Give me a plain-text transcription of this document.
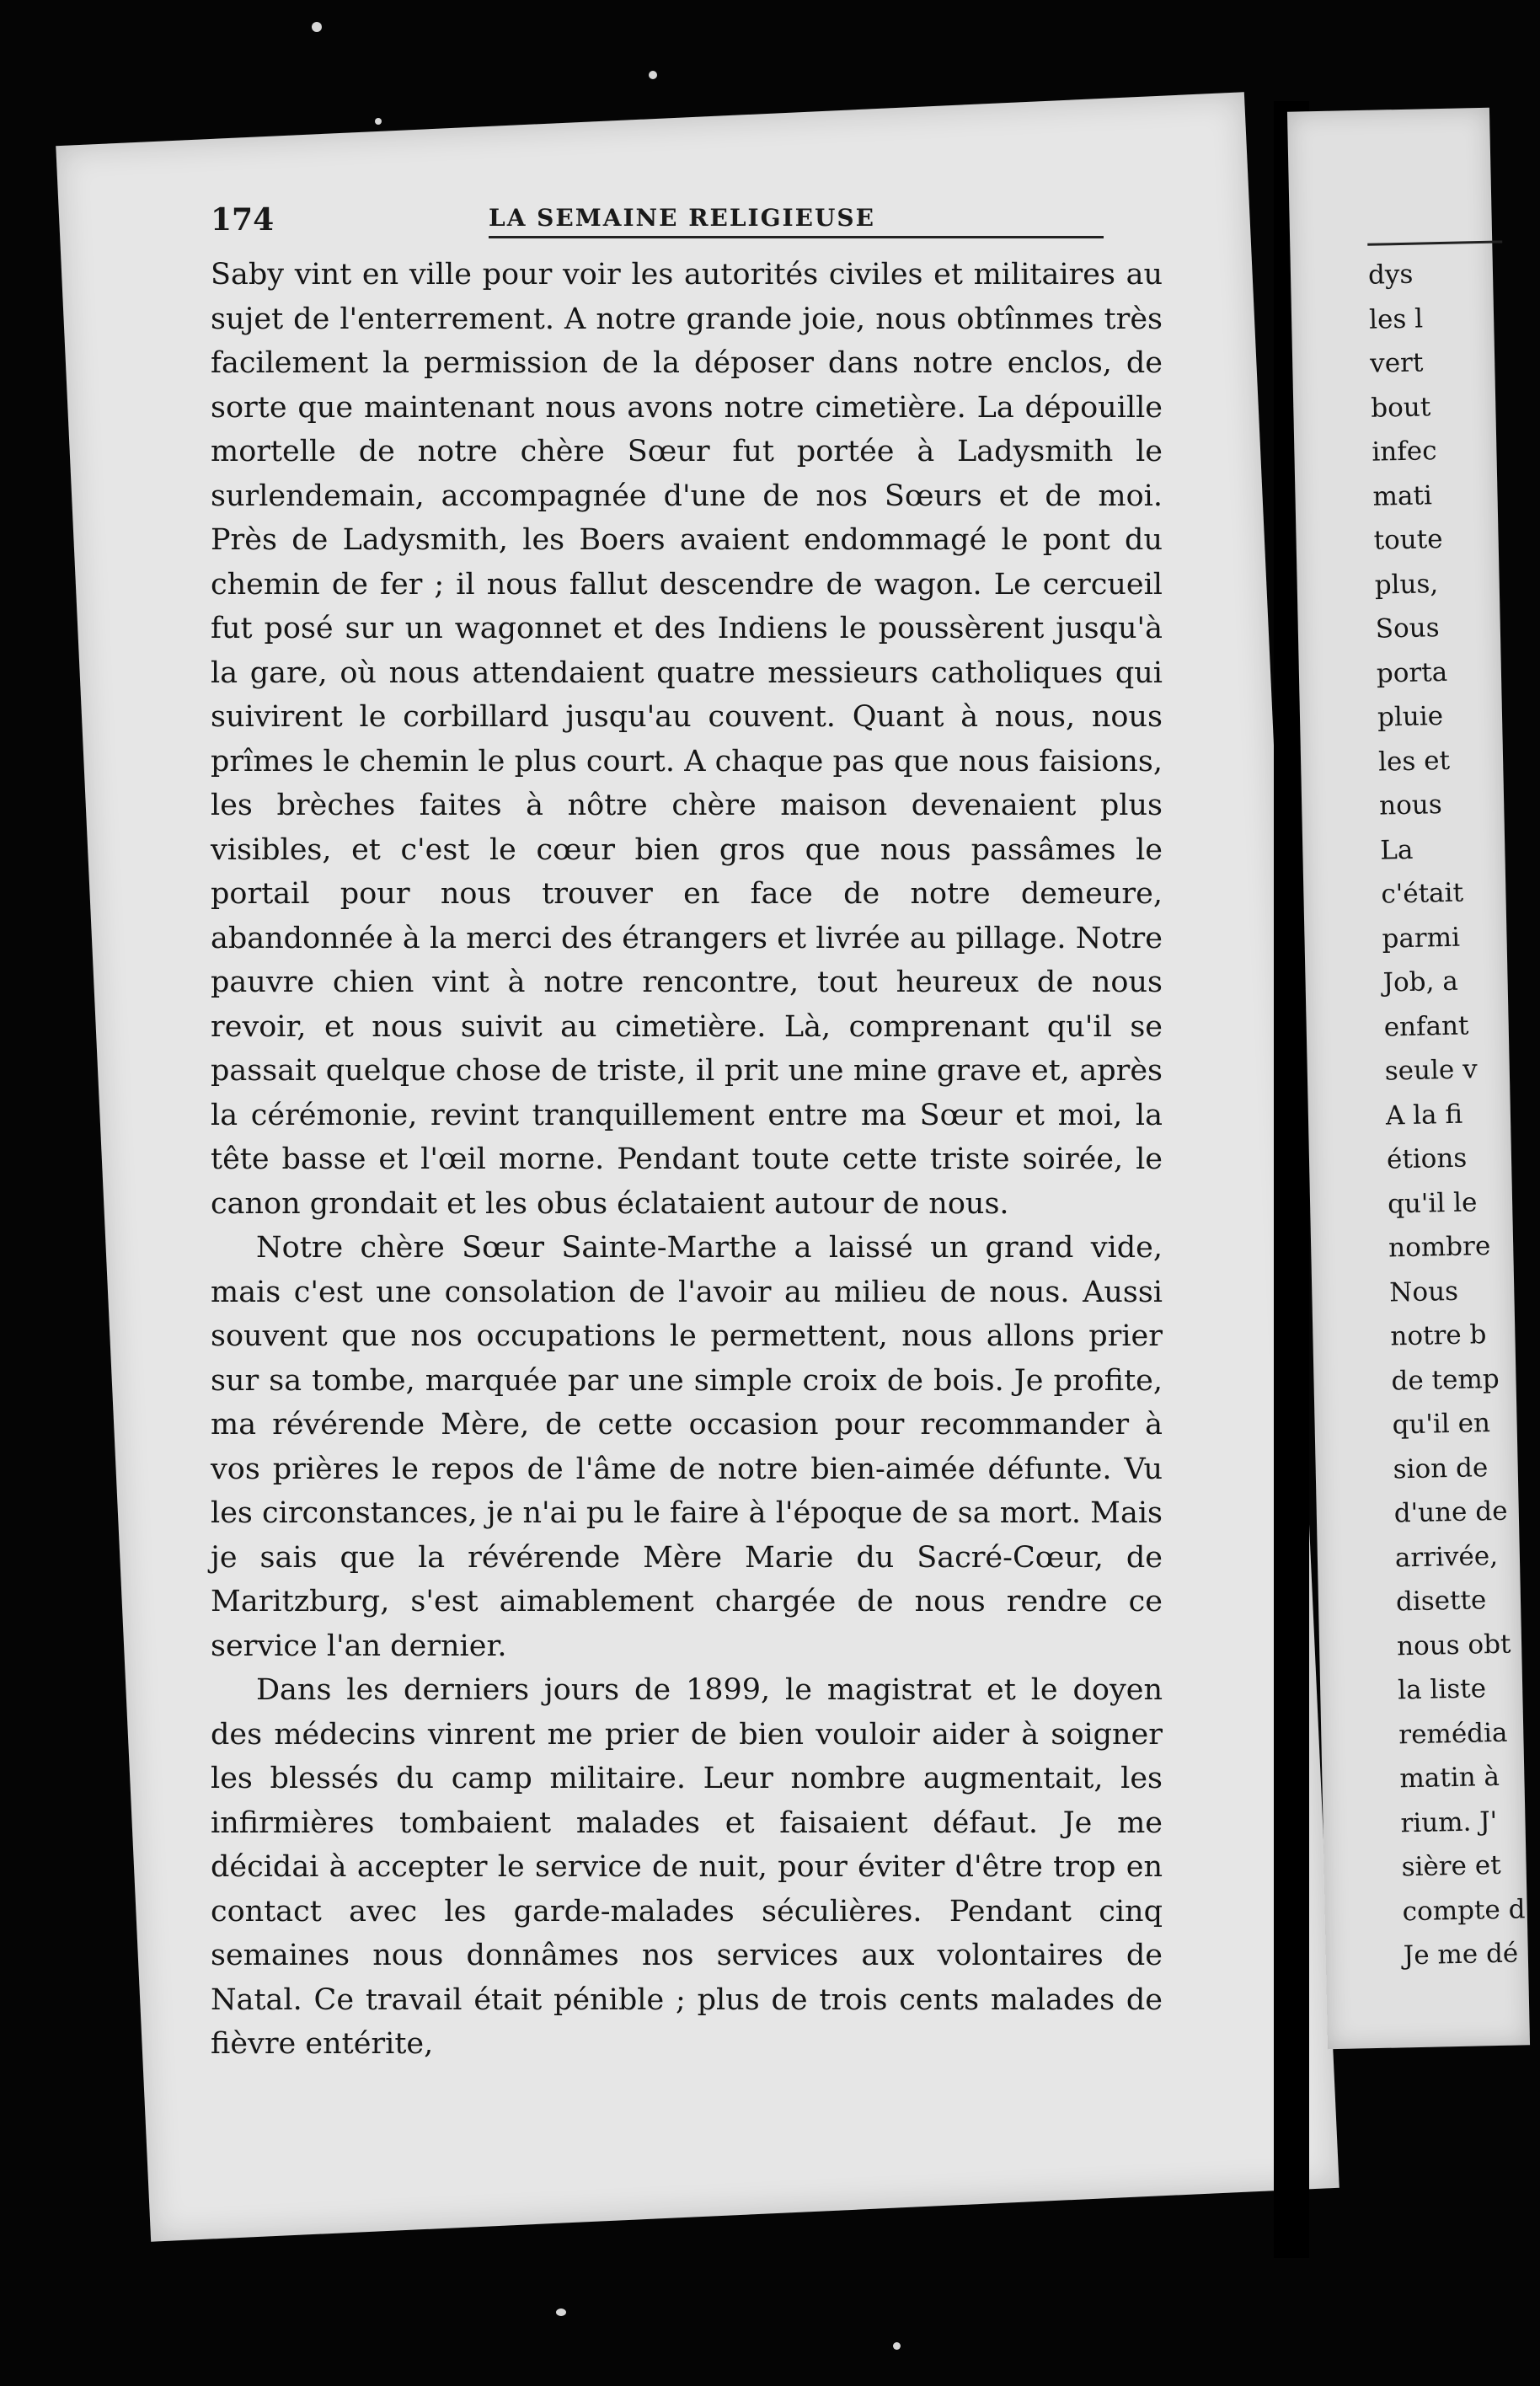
174	LA SEMAINE RELIGIEUSE

Saby vint en ville pour voir les autorités civiles et militaires au sujet de l'enterrement. A notre grande joie, nous obtînmes très facilement la permission de la déposer dans notre enclos, de sorte que maintenant nous avons notre cimetière. La dépouille mortelle de notre chère Sœur fut portée à Ladysmith le surlendemain, accompagnée d'une de nos Sœurs et de moi. Près de Ladysmith, les Boers avaient endommagé le pont du chemin de fer ; il nous fallut descendre de wagon. Le cercueil fut posé sur un wagonnet et des Indiens le poussèrent jusqu'à la gare, où nous attendaient quatre messieurs catholiques qui suivirent le corbillard jusqu'au couvent. Quant à nous, nous prîmes le chemin le plus court. A chaque pas que nous faisions, les brèches faites à nôtre chère maison devenaient plus visibles, et c'est le cœur bien gros que nous passâmes le portail pour nous trouver en face de notre demeure, abandonnée à la merci des étrangers et livrée au pillage. Notre pauvre chien vint à notre rencontre, tout heureux de nous revoir, et nous suivit au cimetière. Là, comprenant qu'il se passait quelque chose de triste, il prit une mine grave et, après la cérémonie, revint tranquillement entre ma Sœur et moi, la tête basse et l'œil morne. Pendant toute cette triste soirée, le canon grondait et les obus éclataient autour de nous.

Notre chère Sœur Sainte-Marthe a laissé un grand vide, mais c'est une consolation de l'avoir au milieu de nous. Aussi souvent que nos occupations le permettent, nous allons prier sur sa tombe, marquée par une simple croix de bois. Je profite, ma révérende Mère, de cette occasion pour recommander à vos prières le repos de l'âme de notre bien-aimée défunte. Vu les circonstances, je n'ai pu le faire à l'époque de sa mort. Mais je sais que la révérende Mère Marie du Sacré-Cœur, de Maritzburg, s'est aimablement chargée de nous rendre ce service l'an dernier.

Dans les derniers jours de 1899, le magistrat et le doyen des médecins vinrent me prier de bien vouloir aider à soigner les blessés du camp militaire. Leur nombre augmentait, les infirmières tombaient malades et faisaient défaut. Je me décidai à accepter le service de nuit, pour éviter d'être trop en contact avec les garde-malades séculières. Pendant cinq semaines nous donnâmes nos services aux volontaires de Natal. Ce travail était pénible ; plus de trois cents malades de fièvre entérite,

dys
les l
vert
bout
infec
mati
toute
plus,
Sous
porta
pluie
les et
nous
La
c'était
parmi
Job, a
enfant
seule v
A la fi
étions
qu'il le
nombre
Nous
notre b
de temp
qu'il en
sion de
d'une de
arrivée,
disette
nous obt
la liste
remédia
matin à
rium. J'
sière et
compte d
Je me dé
